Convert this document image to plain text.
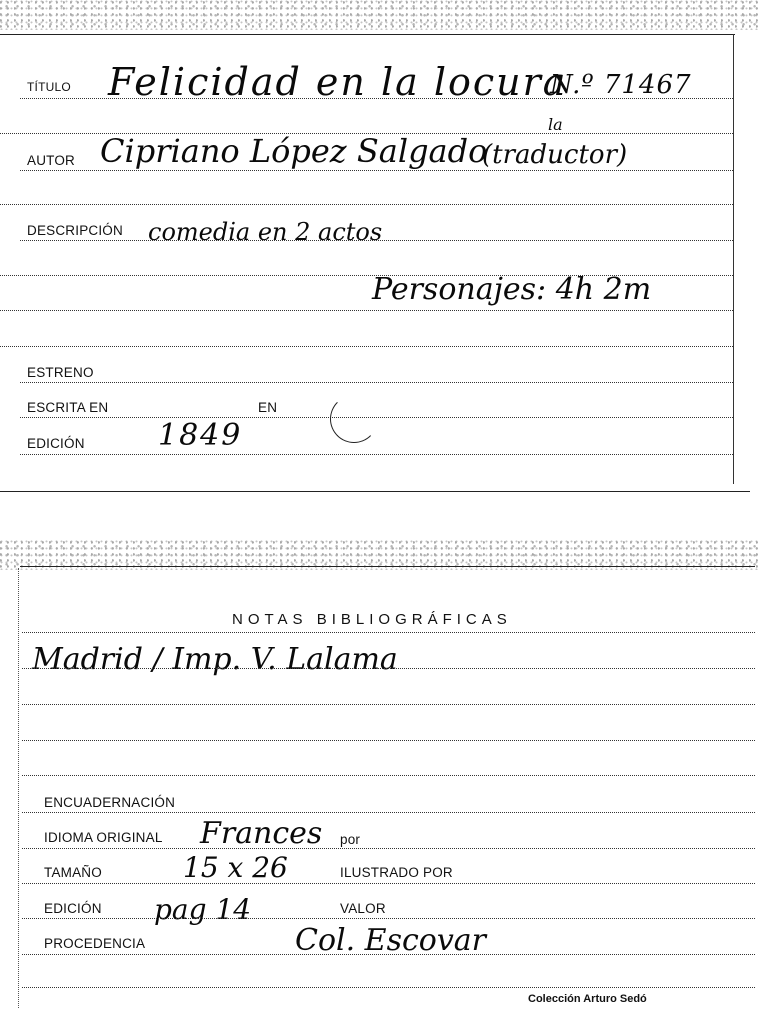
TÍTULO Felicidad en la locura
N.º 71467
AUTOR Cipriano López Salgado
la
(traductor)
DESCRIPCIÓN comedia en 2 actos
Personajes: 4h 2m
ESTRENO
ESCRITA EN	EN
EDICIÓN 1849
NOTAS BIBLIOGRÁFICAS
Madrid / Imp. V. Lalama
ENCUADERNACIÓN
IDIOMA ORIGINAL Frances por
TAMAÑO	15 x 26	ILUSTRADO POR
EDICIÓN pag 14	VALOR
PROCEDENCIA	Col. Escovar
Colección Arturo Sedó
